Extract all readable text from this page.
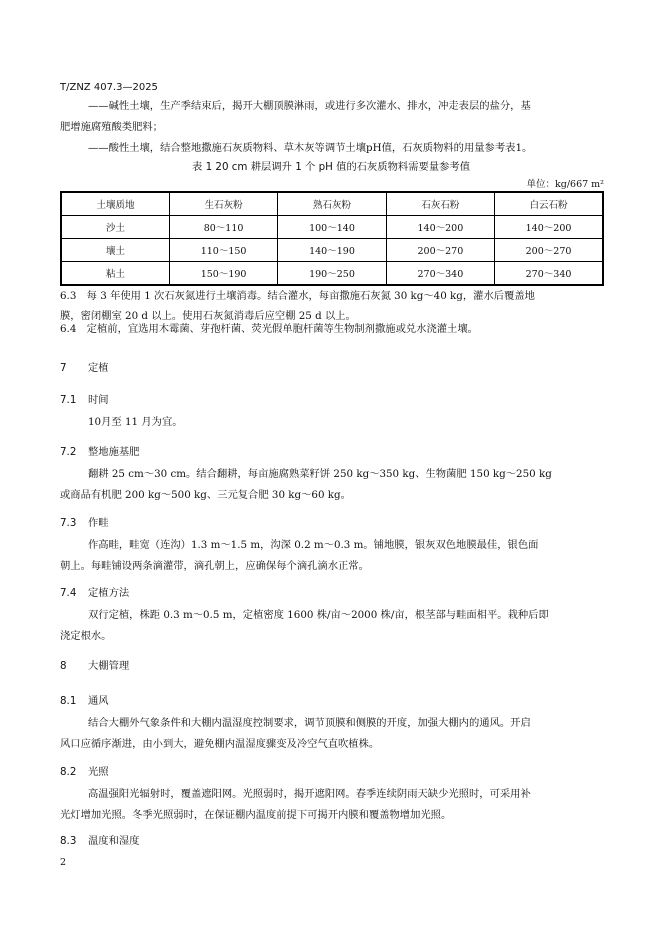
T/ZNZ 407.3—2025
——碱性土壤，生产季结束后，揭开大棚顶膜淋雨，或进行多次灌水、排水，冲走表层的盐分，基
肥增施腐殖酸类肥料；
——酸性土壤，结合整地撒施石灰质物料、草木灰等调节土壤pH值，石灰质物料的用量参考表1。
表 1 20 cm 耕层调升 1 个 pH 值的石灰质物料需要量参考值
单位：kg/667 m²
土壤质地	生石灰粉	熟石灰粉	石灰石粉	白云石粉
沙土	80～110	100～140	140～200	140～200
壤土	110～150	140～190	200～270	200～270
粘土	150～190	190～250	270～340	270～340
6.3　每 3 年使用 1 次石灰氮进行土壤消毒。结合灌水，每亩撒施石灰氮 30 kg～40 kg，灌水后覆盖地
膜，密闭棚室 20 d 以上。使用石灰氮消毒后应空棚 25 d 以上。
6.4　定植前，宜选用木霉菌、芽孢杆菌、荧光假单胞杆菌等生物制剂撒施或兑水浇灌土壤。
7 定植
7.1 时间
10月至 11 月为宜。
7.2 整地施基肥
翻耕 25 cm～30 cm。结合翻耕，每亩施腐熟菜籽饼 250 kg～350 kg、生物菌肥 150 kg～250 kg
或商品有机肥 200 kg～500 kg、三元复合肥 30 kg～60 kg。
7.3 作畦
作高畦，畦宽（连沟）1.3 m～1.5 m，沟深 0.2 m～0.3 m。铺地膜，银灰双色地膜最佳，银色面
朝上。每畦铺设两条滴灌带，滴孔朝上，应确保每个滴孔滴水正常。
7.4 定植方法
双行定植，株距 0.3 m～0.5 m，定植密度 1600 株/亩～2000 株/亩，根茎部与畦面相平。栽种后即
浇定根水。
8 大棚管理
8.1 通风
结合大棚外气象条件和大棚内温湿度控制要求，调节顶膜和侧膜的开度，加强大棚内的通风。开启
风口应循序渐进，由小到大，避免棚内温湿度骤变及冷空气直吹植株。
8.2 光照
高温强阳光辐射时，覆盖遮阳网。光照弱时，揭开遮阳网。春季连续阴雨天缺少光照时，可采用补
光灯增加光照。冬季光照弱时，在保证棚内温度前提下可揭开内膜和覆盖物增加光照。
8.3 温度和湿度
2
